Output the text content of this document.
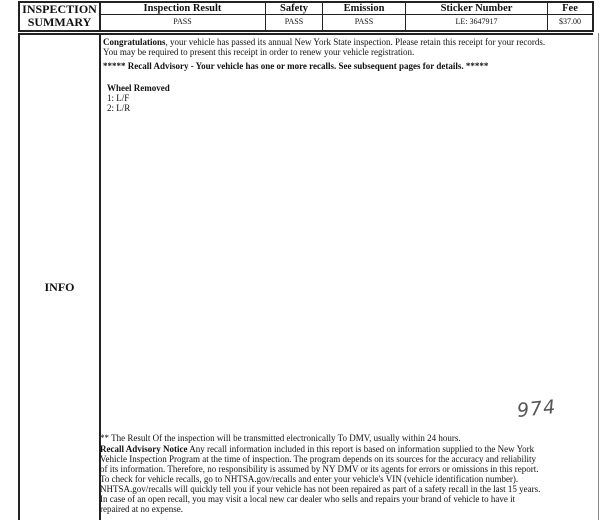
INSPECTION
SUMMARY
Inspection Result	Safety	Emission	Sticker Number	Fee
PASS	PASS	PASS	LE: 3647917	$37.00
INFO
Congratulations, your vehicle has passed its annual New York State inspection. Please retain this receipt for your records.
You may be required to present this receipt in order to renew your vehicle registration.
***** Recall Advisory - Your vehicle has one or more recalls. See subsequent pages for details. *****
Wheel Removed
1: L/F
2: L/R
974
** The Result Of the inspection will be transmitted electronically To DMV, usually within 24 hours.
Recall Advisory Notice Any recall information included in this report is based on information supplied to the New York
Vehicle Inspection Program at the time of inspection. The program depends on its sources for the accuracy and reliability
of its information. Therefore, no responsibility is assumed by NY DMV or its agents for errors or omissions in this report.
To check for vehicle recalls, go to NHTSA.gov/recalls and enter your vehicle's VIN (vehicle identification number).
NHTSA.gov/recalls will quickly tell you if your vehicle has not been repaired as part of a safety recall in the last 15 years.
In case of an open recall, you may visit a local new car dealer who sells and repairs your brand of vehicle to have it
repaired at no expense.
